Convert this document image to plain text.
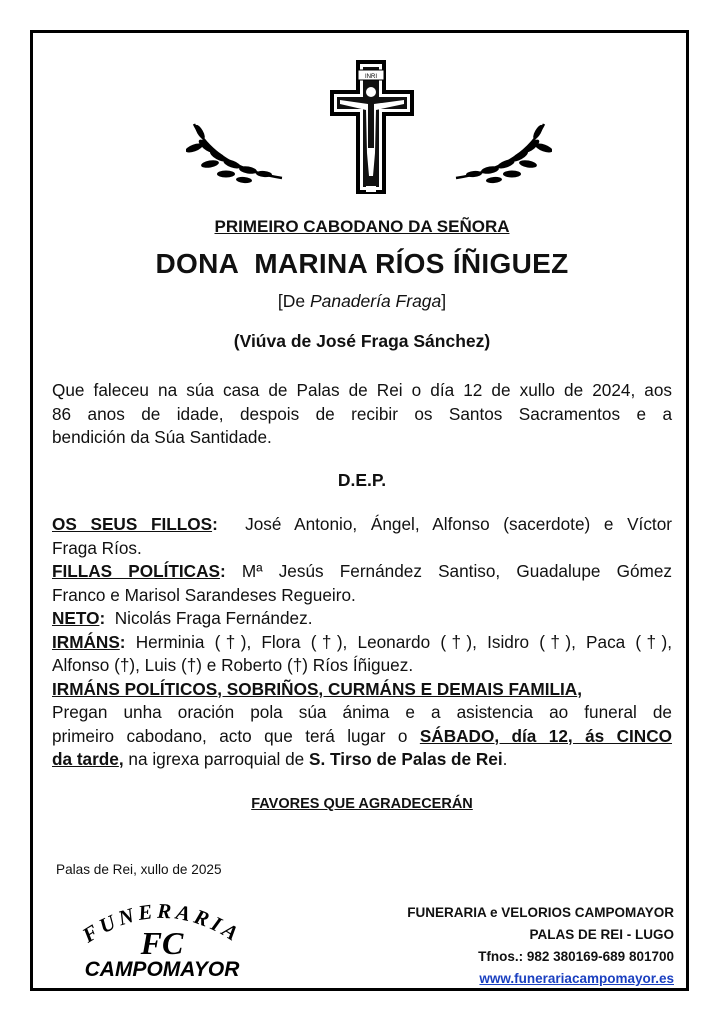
INRI
PRIMEIRO CABODANO DA SEÑORA
DONA  MARINA RÍOS ÍÑIGUEZ
[De Panadería Fraga]
(Viúva de José Fraga Sánchez)
Que faleceu na súa casa de Palas de Rei o día 12 de xullo de 2024, aos
86 anos de idade, despois de recibir os Santos Sacramentos e a
bendición da Súa Santidade.
D.E.P.
OS SEUS FILLOS:  José Antonio, Ángel, Alfonso (sacerdote) e Víctor
Fraga Ríos.
FILLAS POLÍTICAS: Mª Jesús Fernández Santiso, Guadalupe Gómez
Franco e Marisol Sarandeses Regueiro.
NETO:  Nicolás Fraga Fernández.
IRMÁNS: Herminia (†), Flora (†), Leonardo (†), Isidro (†), Paca (†),
Alfonso (†), Luis (†) e Roberto (†) Ríos Íñiguez.
IRMÁNS POLÍTICOS, SOBRIÑOS, CURMÁNS E DEMAIS FAMILIA,
Pregan unha oración pola súa ánima e a asistencia ao funeral de
primeiro cabodano, acto que terá lugar o SÁBADO, día 12, ás CINCO
da tarde, na igrexa parroquial de S. Tirso de Palas de Rei.
FAVORES QUE AGRADECERÁN
Palas de Rei, xullo de 2025
FUNERARIA
FC
CAMPOMAYOR
FUNERARIA e VELORIOS CAMPOMAYOR
PALAS DE REI - LUGO
Tfnos.: 982 380169-689 801700
www.funerariacampomayor.es
